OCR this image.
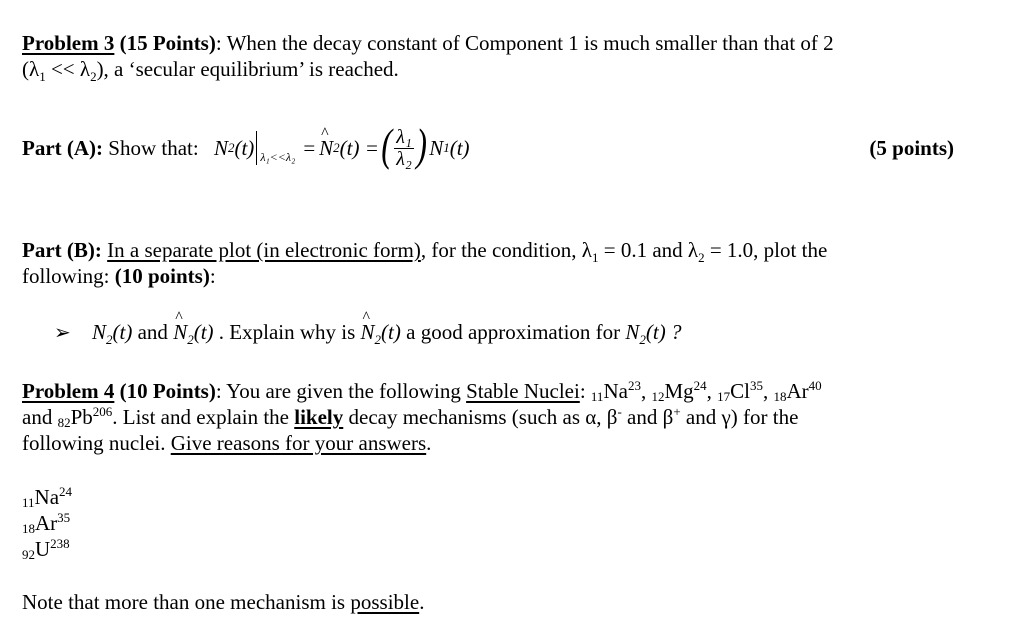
Problem 3 (15 Points): When the decay constant of Component 1 is much smaller than that of 2
$(\lambda_1 << \lambda_2)$, a ‘secular equilibrium’ is reached.
Part (A): Show that: N 2 (t) λ₁<<λ₂ =
^ N 2 (t) = ( $\frac{\text{λ₁}}{\text{λ₂}}$ ) N 1 (t)	(5 points)
Part (B): In a separate plot (in electronic form), for the condition, $\lambda_1 = 0.1$ and $\lambda_2 = 1.0$, plot the
following: (10 points):
➢ $N_2(t)$ and ^ $N_2(t)$ . Explain why is ^ $N_2(t)$ a good approximation for $N_2(t)$ ?
Problem 4 (10 Points): You are given the following Stable Nuclei: 11Na$^{23}$, 12Mg$^{24}$, 17Cl$^{35}$, 18Ar$^{40}$
and 82Pb$^{206}$. List and explain the likely decay mechanisms (such as α, β- and β+ and γ) for the
following nuclei. Give reasons for your answers.
11Na$^{24}$
18Ar$^{35}$
$92U^{238}$
Note that more than one mechanism is possible.
